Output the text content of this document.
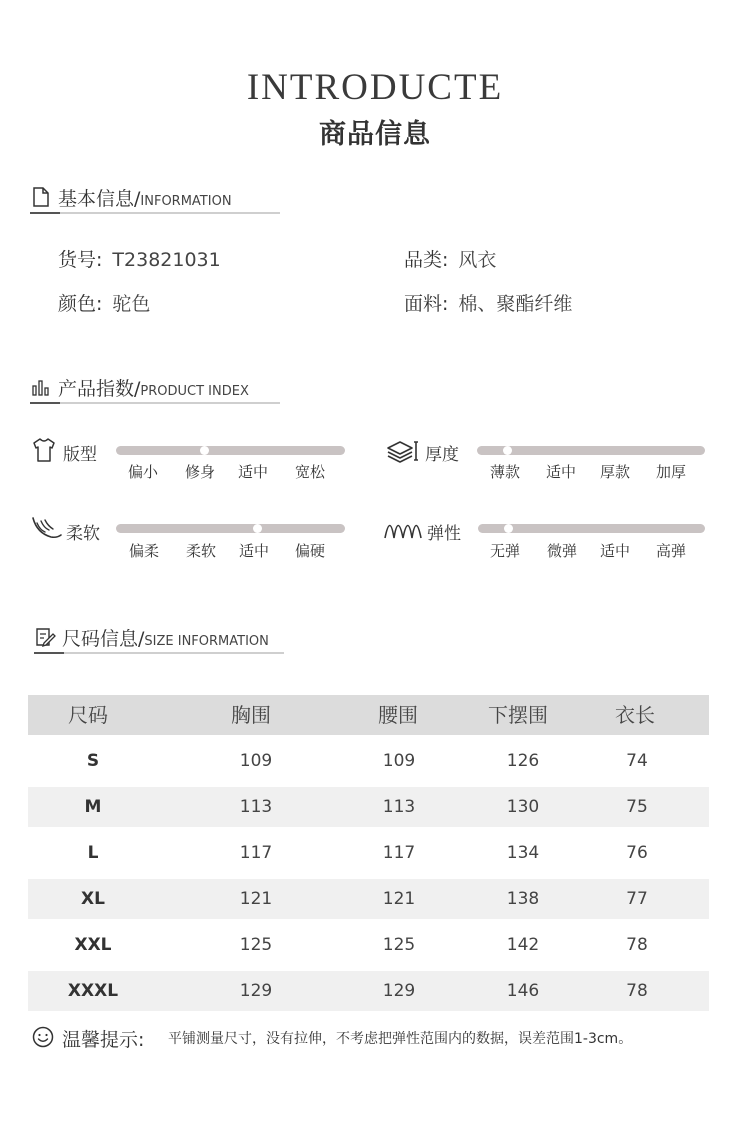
INTRODUCTE
商品信息
基本信息/INFORMATION
货号: T23821031	品类: 风衣
颜色: 驼色	面料: 棉、聚酯纤维
产品指数/PRODUCT INDEX
版型
偏小 修身 适中 宽松
厚度
薄款 适中 厚款 加厚
柔软
偏柔 柔软 适中 偏硬
弹性
无弹 微弹 适中 高弹
尺码信息/SIZE INFORMATION
尺码	胸围	腰围	下摆围	衣长
S	109	109	126	74
M	113	113	130	75
L	117	117	134	76
XL	121	121	138	77
XXL	125	125	142	78
XXXL	129	129	146	78
温馨提示: 平铺测量尺寸，没有拉伸，不考虑把弹性范围内的数据，误差范围1-3cm。
